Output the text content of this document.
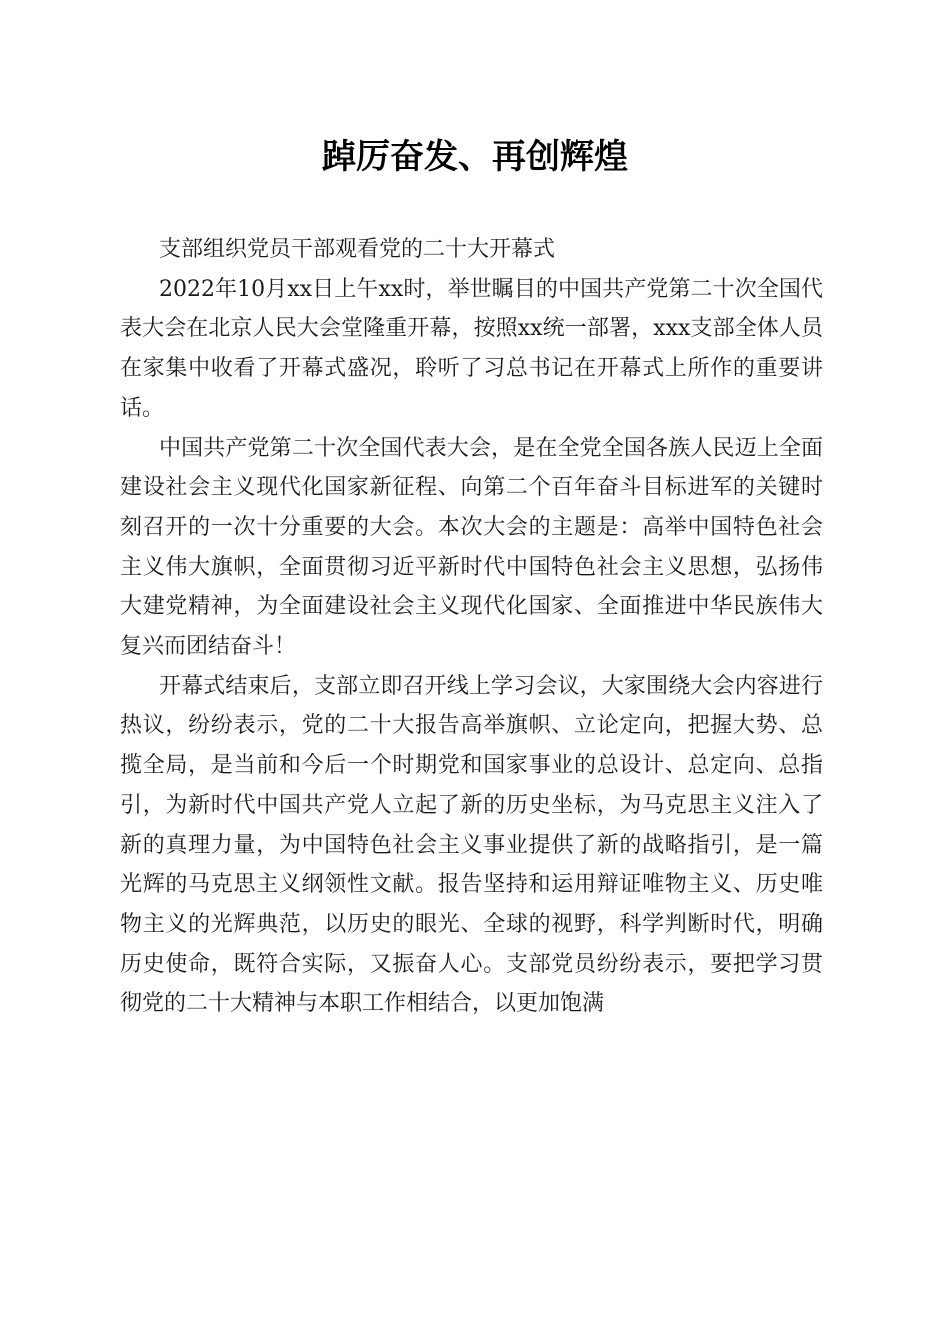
踔厉奋发、再创辉煌

支部组织党员干部观看党的二十大开幕式

2022年10月xx日上午xx时，举世瞩目的中国共产党第二十次全国代表大会在北京人民大会堂隆重开幕，按照xx统一部署，xxx支部全体人员在家集中收看了开幕式盛况，聆听了习总书记在开幕式上所作的重要讲话。

中国共产党第二十次全国代表大会，是在全党全国各族人民迈上全面建设社会主义现代化国家新征程、向第二个百年奋斗目标进军的关键时刻召开的一次十分重要的大会。本次大会的主题是：高举中国特色社会主义伟大旗帜，全面贯彻习近平新时代中国特色社会主义思想，弘扬伟大建党精神，为全面建设社会主义现代化国家、全面推进中华民族伟大复兴而团结奋斗！

开幕式结束后，支部立即召开线上学习会议，大家围绕大会内容进行热议，纷纷表示，党的二十大报告高举旗帜、立论定向，把握大势、总揽全局，是当前和今后一个时期党和国家事业的总设计、总定向、总指引，为新时代中国共产党人立起了新的历史坐标，为马克思主义注入了新的真理力量，为中国特色社会主义事业提供了新的战略指引，是一篇光辉的马克思主义纲领性文献。报告坚持和运用辩证唯物主义、历史唯物主义的光辉典范，以历史的眼光、全球的视野，科学判断时代，明确历史使命，既符合实际，又振奋人心。支部党员纷纷表示，要把学习贯彻党的二十大精神与本职工作相结合，以更加饱满
